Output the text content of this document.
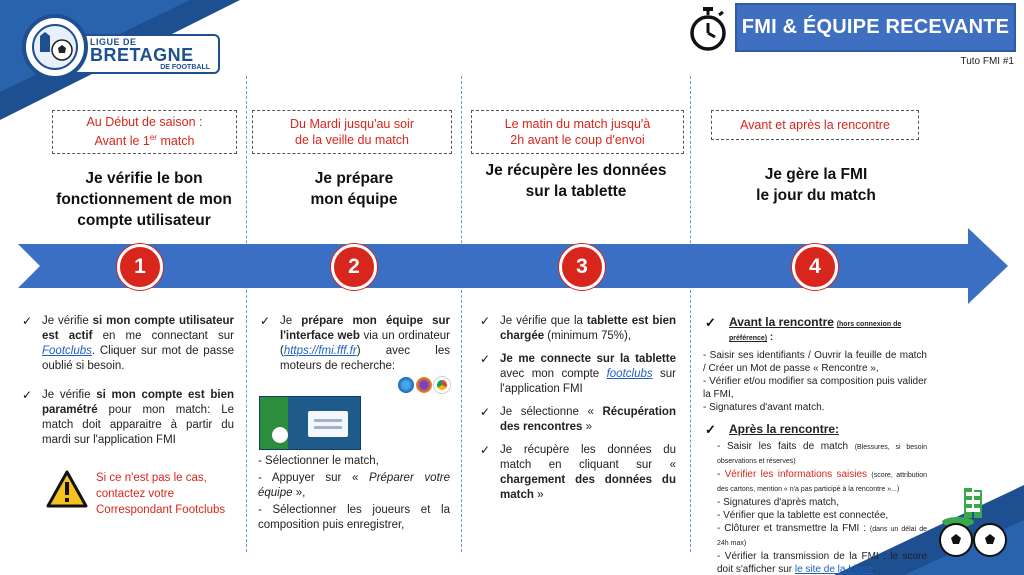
LIGUE DE
BRETAGNE
DE FOOTBALL
FMI & ÉQUIPE RECEVANTE
Tuto FMI #1
Au Début de saison :
Avant le 1er match
Du Mardi jusqu'au soir
de la veille du match
Le matin du match jusqu'à
2h avant le coup d'envoi
Avant et après la rencontre
Je vérifie le bon fonctionnement de mon compte utilisateur
Je prépare
mon équipe
Je récupère les données
sur la tablette
Je gère la FMI
le jour du match
1	2	3	4
✓ Je vérifie si mon compte utilisateur est actif en me connectant sur Footclubs. Cliquer sur mot de passe oublié si besoin.
✓ Je vérifie si mon compte est bien paramétré pour mon match: Le match doit apparaitre à partir du mardi sur l'application FMI
Si ce n'est pas le cas,
contactez votre
Correspondant Footclubs
✓ Je prépare mon équipe sur l'interface web via un ordinateur (https://fmi.fff.fr) avec les moteurs de recherche:
- Sélectionner le match,
- Appuyer sur « Préparer votre équipe »,
- Sélectionner les joueurs et la composition puis enregistrer,
✓ Je vérifie que la tablette est bien chargée (minimum 75%),
✓ Je me connecte sur la tablette avec mon compte footclubs sur l'application FMI
✓ Je sélectionne « Récupération des rencontres »
✓ Je récupère les données du match en cliquant sur « chargement des données du match »
✓ Avant la rencontre (hors connexion de préférence) :
- Saisir ses identifiants / Ouvrir la feuille de match / Créer un Mot de passe « Rencontre »,
- Vérifier et/ou modifier sa composition puis valider la FMI,
- Signatures d'avant match.
✓ Après la rencontre:
- Saisir les faits de match (Blessures, si besoin observations et réserves)
- Vérifier les informations saisies (score, attribution des cartons, mention « n'a pas participé à la rencontre »...)
- Signatures d'après match,
- Vérifier que la tablette est connectée,
- Clôturer et transmettre la FMI : (dans un délai de 24h max)
- Vérifier la transmission de la FMI : le score doit s'afficher sur le site de la Ligue.
